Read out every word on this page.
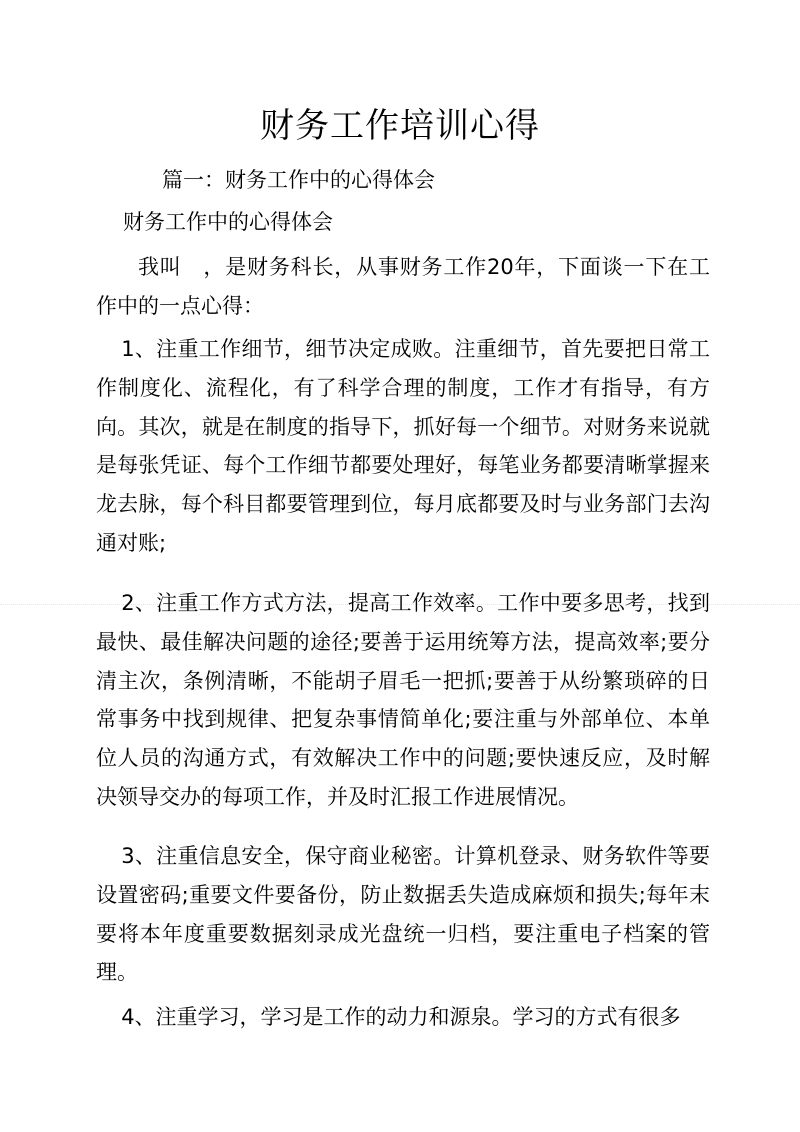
财务工作培训心得
篇一：财务工作中的心得体会
财务工作中的心得体会

我叫　，是财务科长，从事财务工作20年，下面谈一下在工作中的一点心得：

1、注重工作细节，细节决定成败。注重细节，首先要把日常工作制度化、流程化，有了科学合理的制度，工作才有指导，有方向。其次，就是在制度的指导下，抓好每一个细节。对财务来说就是每张凭证、每个工作细节都要处理好，每笔业务都要清晰掌握来龙去脉，每个科目都要管理到位，每月底都要及时与业务部门去沟通对账;

2、注重工作方式方法，提高工作效率。工作中要多思考，找到最快、最佳解决问题的途径;要善于运用统筹方法，提高效率;要分清主次，条例清晰，不能胡子眉毛一把抓;要善于从纷繁琐碎的日常事务中找到规律、把复杂事情简单化;要注重与外部单位、本单位人员的沟通方式，有效解决工作中的问题;要快速反应，及时解决领导交办的每项工作，并及时汇报工作进展情况。

3、注重信息安全，保守商业秘密。计算机登录、财务软件等要设置密码;重要文件要备份，防止数据丢失造成麻烦和损失;每年末要将本年度重要数据刻录成光盘统一归档，要注重电子档案的管理。

4、注重学习，学习是工作的动力和源泉。学习的方式有很多
